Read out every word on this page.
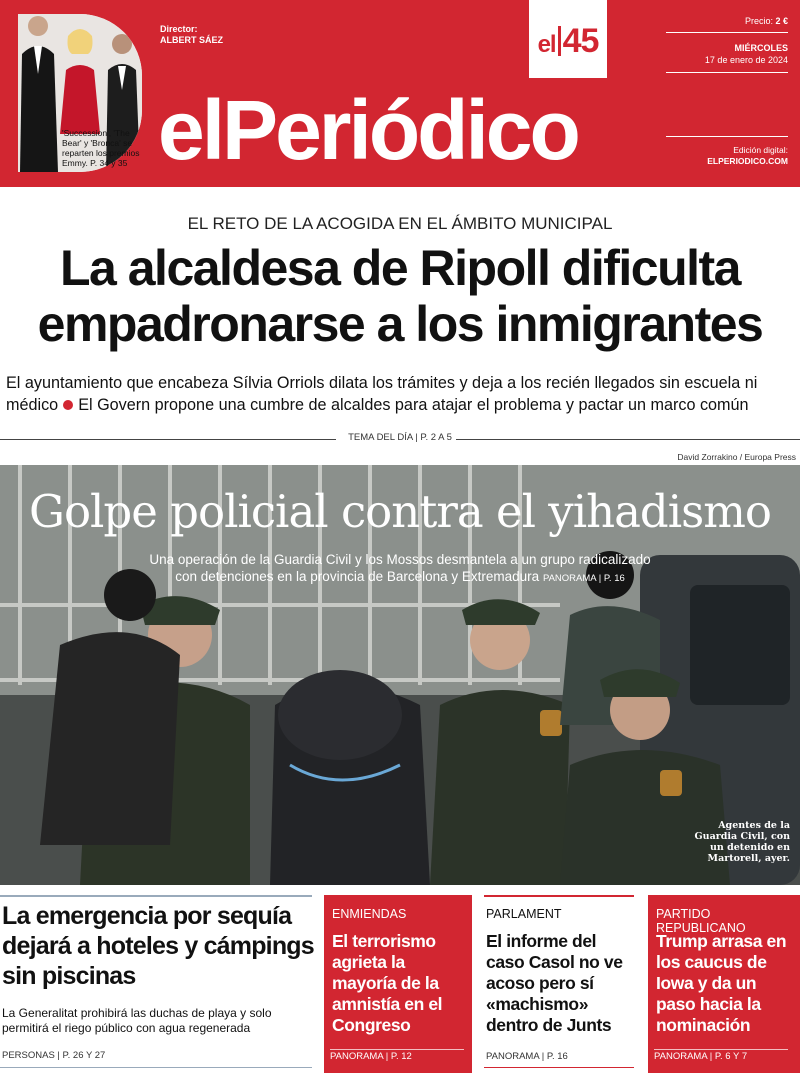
'Succession', 'The Bear' y 'Bronca' se reparten los premios Emmy. P. 34 y 35
Director:
ALBERT SÁEZ
elPeriódico
el 45
Precio: 2 €
MIÉRCOLES
17 de enero de 2024
Edición digital:
ELPERIODICO.COM
EL RETO DE LA ACOGIDA EN EL ÁMBITO MUNICIPAL
La alcaldesa de Ripoll dificulta
empadronarse a los inmigrantes
El ayuntamiento que encabeza Sílvia Orriols dilata los trámites y deja a los recién llegados sin escuela ni médico El Govern propone una cumbre de alcaldes para atajar el problema y pactar un marco común
TEMA DEL DÍA | P. 2 A 5
David Zorrakino / Europa Press
Golpe policial contra el yihadismo
Una operación de la Guardia Civil y los Mossos desmantela a un grupo radicalizado
con detenciones en la provincia de Barcelona y Extremadura PANORAMA | P. 16
Agentes de la Guardia Civil, con un detenido en Martorell, ayer.
La emergencia por sequía dejará a hoteles y cámpings sin piscinas
La Generalitat prohibirá las duchas de playa y solo permitirá el riego público con agua regenerada
PERSONAS | P. 26 Y 27
ENMIENDAS
El terrorismo agrieta la mayoría de la amnistía en el Congreso
PANORAMA | P. 12
PARLAMENT
El informe del caso Casol no ve acoso pero sí «machismo» dentro de Junts
PANORAMA | P. 16
PARTIDO REPUBLICANO
Trump arrasa en los caucus de Iowa y da un paso hacia la nominación
PANORAMA | P. 6 Y 7
